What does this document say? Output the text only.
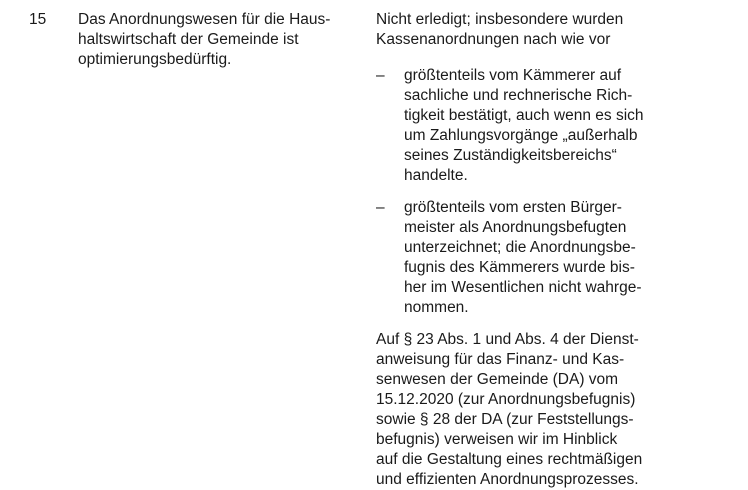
15 Das Anordnungswesen für die Haus-
haltswirtschaft der Gemeinde ist
optimierungsbedürftig.
Nicht erledigt; insbesondere wurden
Kassenanordnungen nach wie vor
– größtenteils vom Kämmerer auf
sachliche und rechnerische Rich-
tigkeit bestätigt, auch wenn es sich
um Zahlungsvorgänge „außerhalb
seines Zuständigkeitsbereichs“
handelte.
– größtenteils vom ersten Bürger-
meister als Anordnungsbefugten
unterzeichnet; die Anordnungsbe-
fugnis des Kämmerers wurde bis-
her im Wesentlichen nicht wahrge-
nommen.
Auf § 23 Abs. 1 und Abs. 4 der Dienst-
anweisung für das Finanz- und Kas-
senwesen der Gemeinde (DA) vom
15.12.2020 (zur Anordnungsbefugnis)
sowie § 28 der DA (zur Feststellungs-
befugnis) verweisen wir im Hinblick
auf die Gestaltung eines rechtmäßigen
und effizienten Anordnungsprozesses.
